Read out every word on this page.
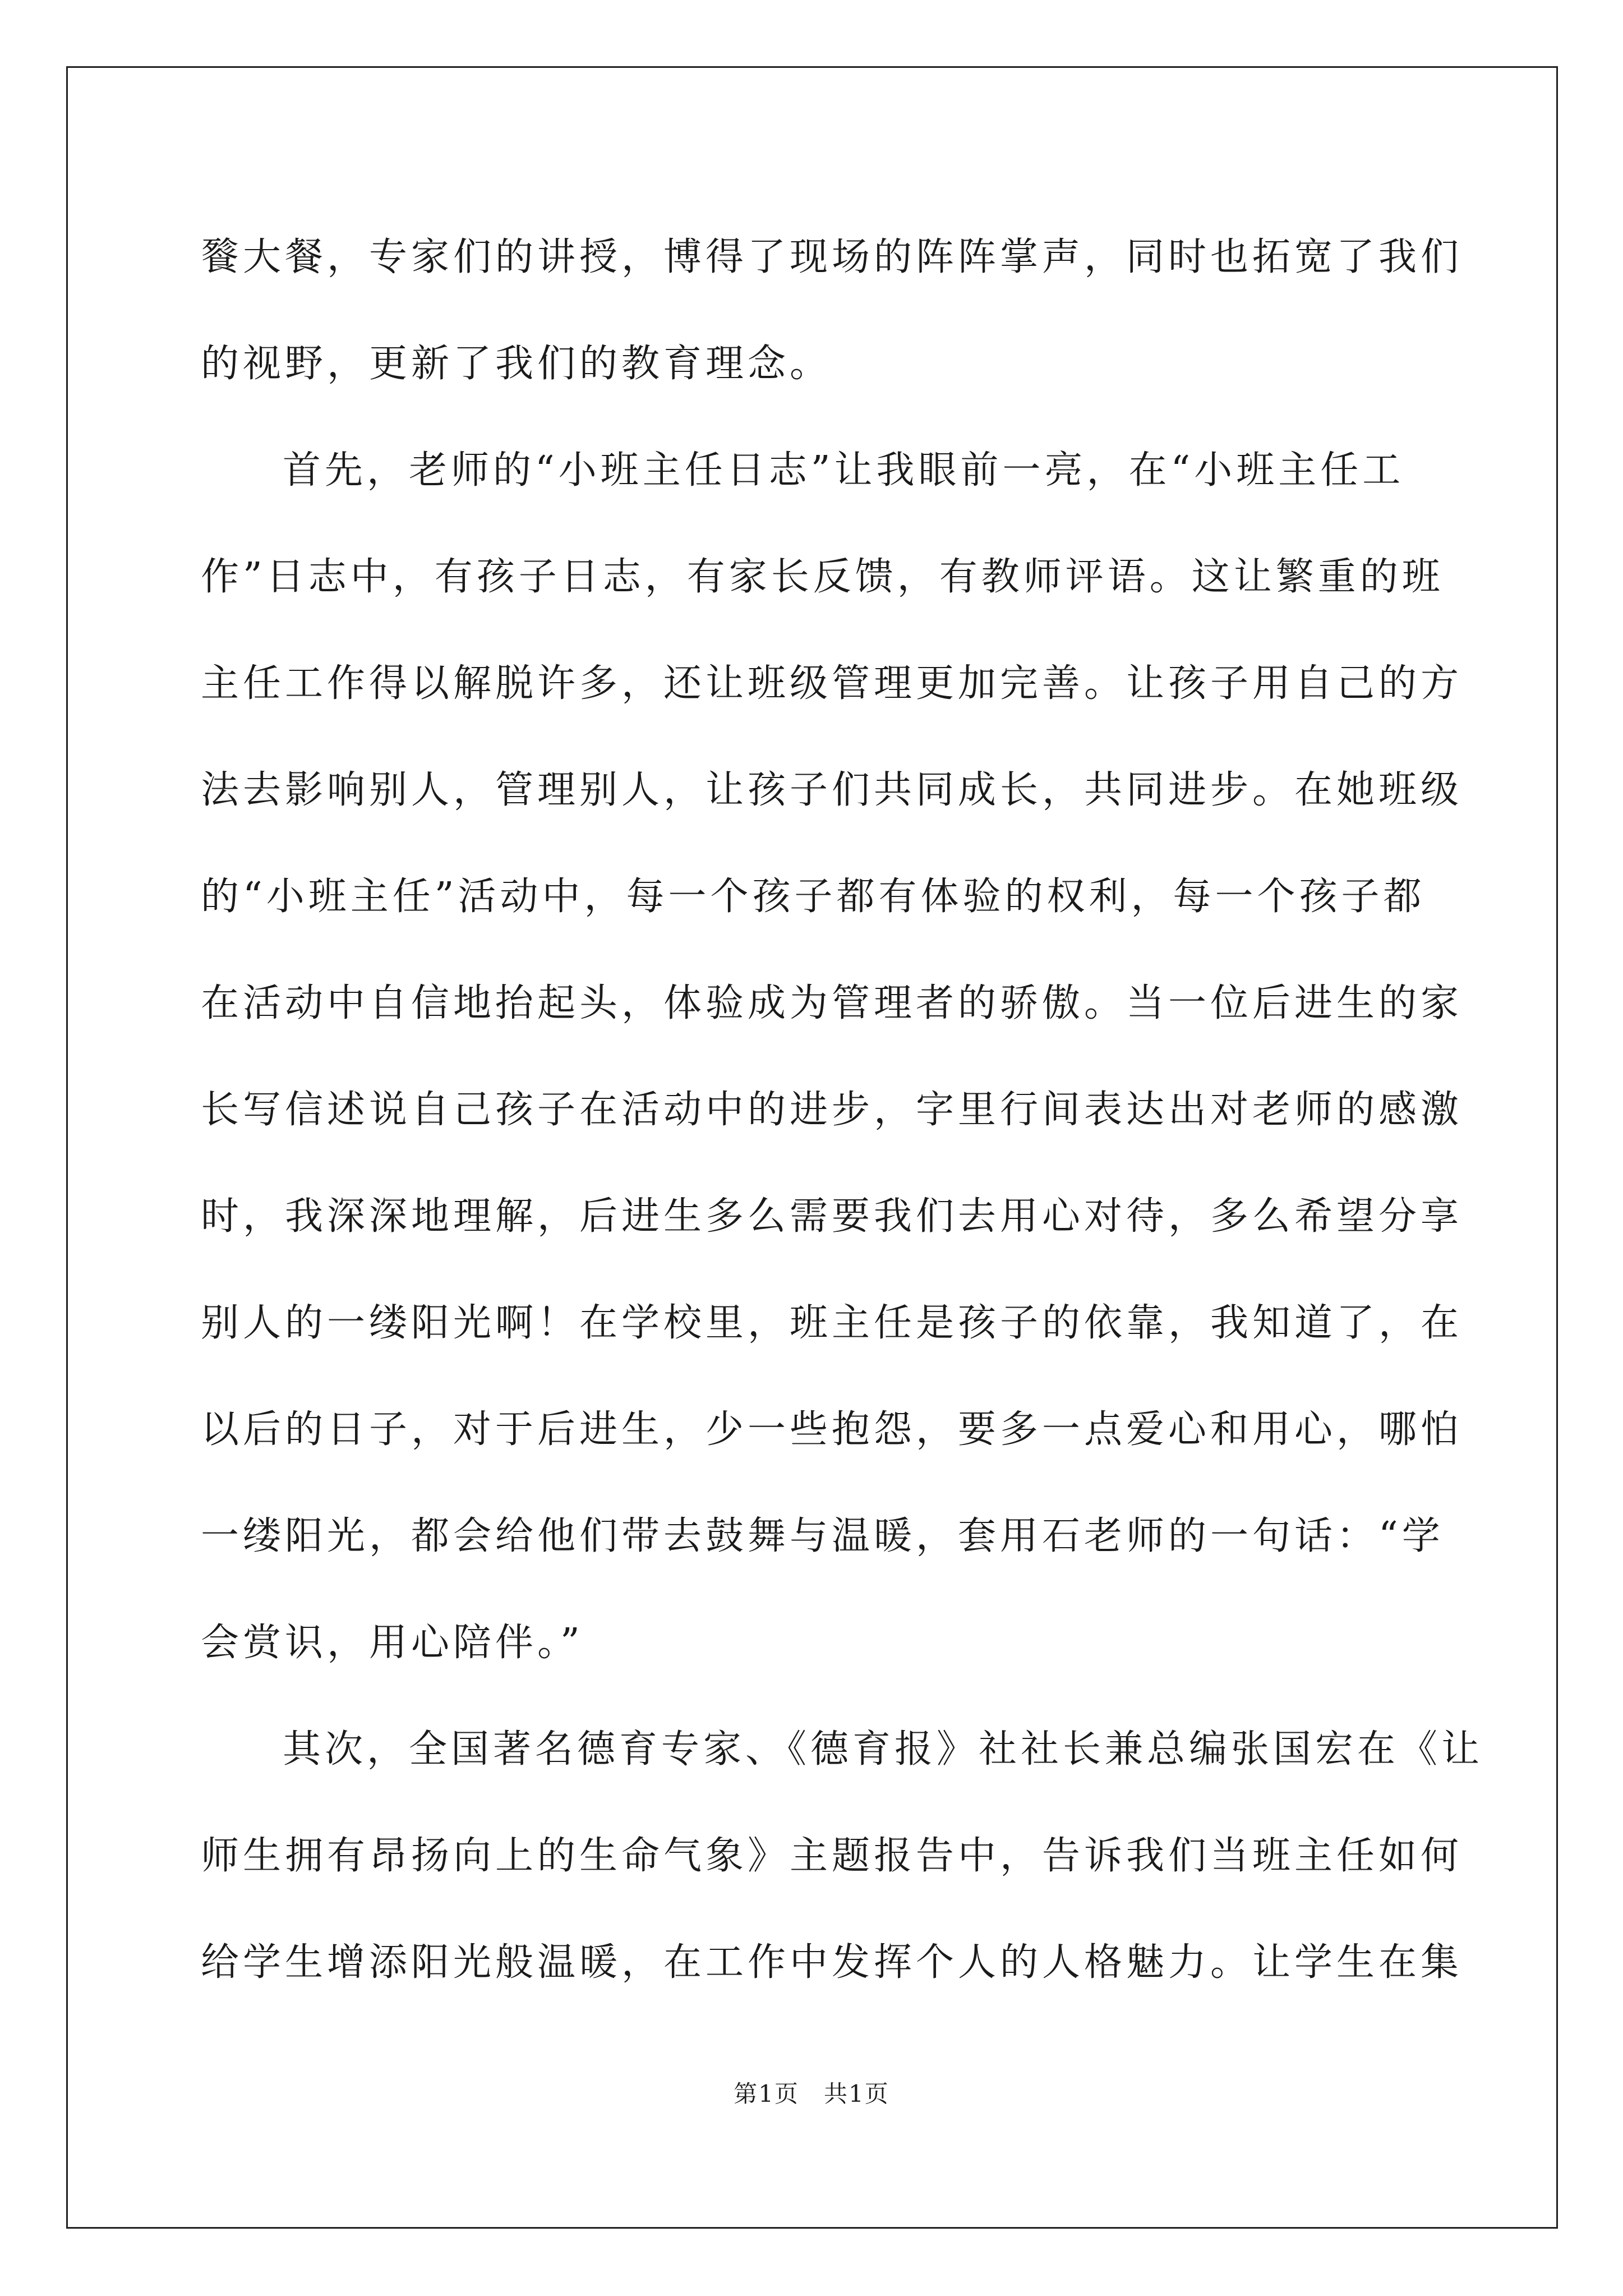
餮大餐，专家们的讲授，博得了现场的阵阵掌声，同时也拓宽了我们
的视野，更新了我们的教育理念。
首先，老师的“小班主任日志”让我眼前一亮，在“小班主任工
作”日志中，有孩子日志，有家长反馈，有教师评语。这让繁重的班
主任工作得以解脱许多，还让班级管理更加完善。让孩子用自己的方
法去影响别人，管理别人，让孩子们共同成长，共同进步。在她班级
的“小班主任”活动中，每一个孩子都有体验的权利，每一个孩子都
在活动中自信地抬起头，体验成为管理者的骄傲。当一位后进生的家
长写信述说自己孩子在活动中的进步，字里行间表达出对老师的感激
时，我深深地理解，后进生多么需要我们去用心对待，多么希望分享
别人的一缕阳光啊！在学校里，班主任是孩子的依靠，我知道了，在
以后的日子，对于后进生，少一些抱怨，要多一点爱心和用心，哪怕
一缕阳光，都会给他们带去鼓舞与温暖，套用石老师的一句话：“学
会赏识，用心陪伴。”
其次，全国著名德育专家、《德育报》社社长兼总编张国宏在《让
师生拥有昂扬向上的生命气象》主题报告中，告诉我们当班主任如何
给学生增添阳光般温暖，在工作中发挥个人的人格魅力。让学生在集
第1页　共1页
